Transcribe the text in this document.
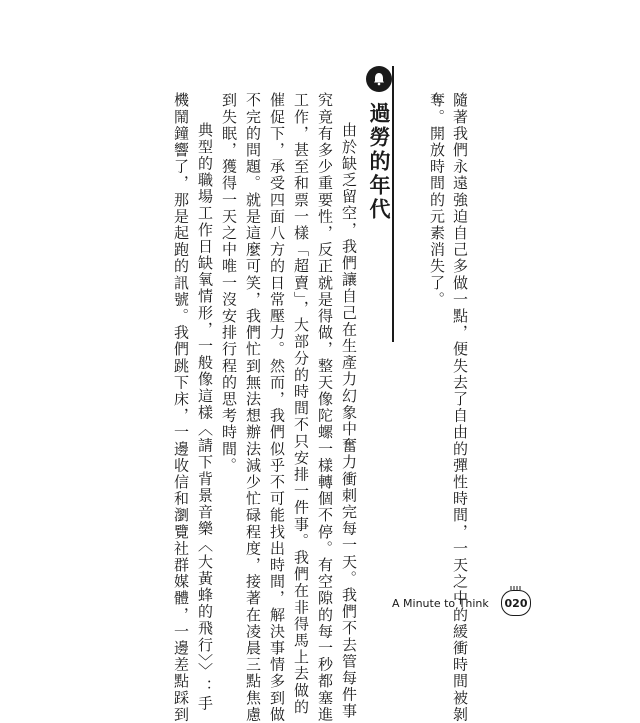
隨著我們永遠強迫自己多做一點，便失去了自由的彈性時間，一天之中的緩衝時間被剝

奪。開放時間的元素消失了。

過勞的年代

由於缺乏留空，我們讓自己在生產力幻象中奮力衝刺完每一天。我們不去管每件事

究竟有多少重要性，反正就是得做，整天像陀螺一樣轉個不停。有空隙的每一秒都塞進

工作，甚至和票一樣「超賣」，大部分的時間不只安排一件事。我們在非得馬上去做的

催促下，承受四面八方的日常壓力。然而，我們似乎不可能找出時間，解決事情多到做

不完的問題。就是這麼可笑，我們忙到無法想辦法減少忙碌程度，接著在凌晨三點焦慮

到失眠，獲得一天之中唯一沒安排行程的思考時間。

典型的職場工作日缺氧情形，一般像這樣〈請下背景音樂〈大黃蜂的飛行〉〉：手

機鬧鐘響了，那是起跑的訊號。我們跳下床，一邊收信和瀏覽社群媒體，一邊差點踩到	A Minute to Think 020
